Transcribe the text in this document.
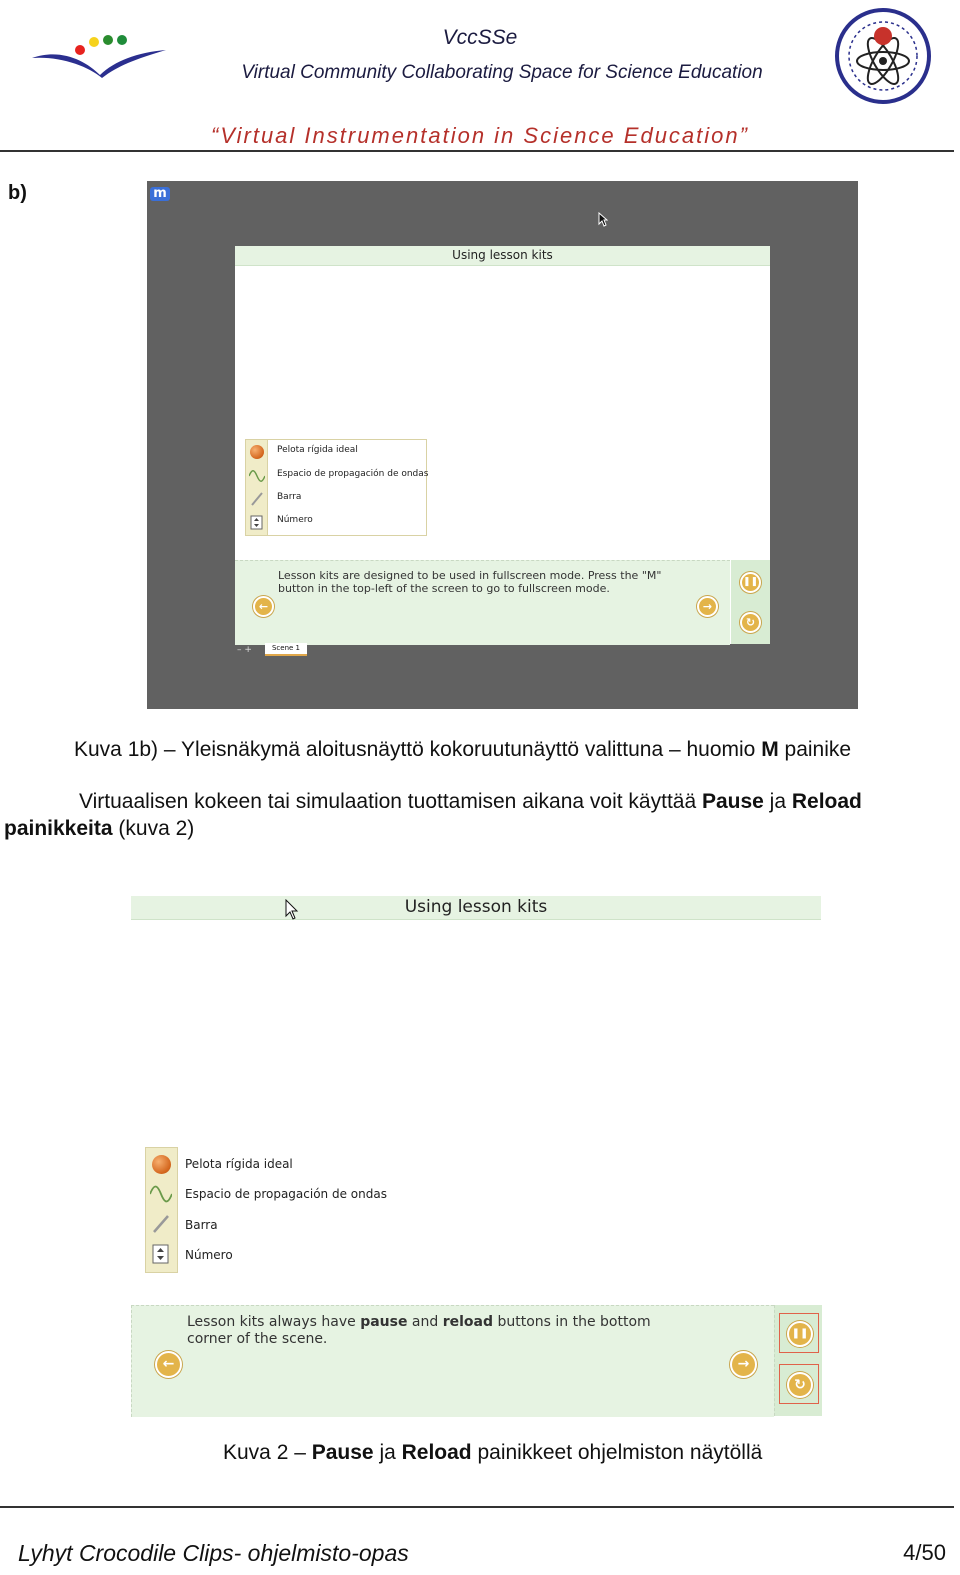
VccSSe
Virtual Community Collaborating Space for Science Education
“Virtual Instrumentation in Science Education”
b)	m
Using lesson kits
Pelota rígida ideal
Espacio de propagación de ondas
Barra
Número
Lesson kits are designed to be used in fullscreen mode. Press the "M"
button in the top-left of the screen to go to fullscreen mode.
←	→
❚❚
↻
– +	Scene 1
Kuva 1b) – Yleisnäkymä aloitusnäyttö kokoruutunäyttö valittuna – huomio M painike
Virtuaalisen kokeen tai simulaation tuottamisen aikana voit käyttää Pause ja Reload
painikkeita (kuva 2)
Using lesson kits
Pelota rígida ideal
Espacio de propagación de ondas
Barra
Número
Lesson kits always have pause and reload buttons in the bottom
corner of the scene.
←	→
❚❚
↻
Kuva 2 – Pause ja Reload painikkeet ohjelmiston näytöllä
Lyhyt Crocodile Clips- ohjelmisto-opas	4/50
